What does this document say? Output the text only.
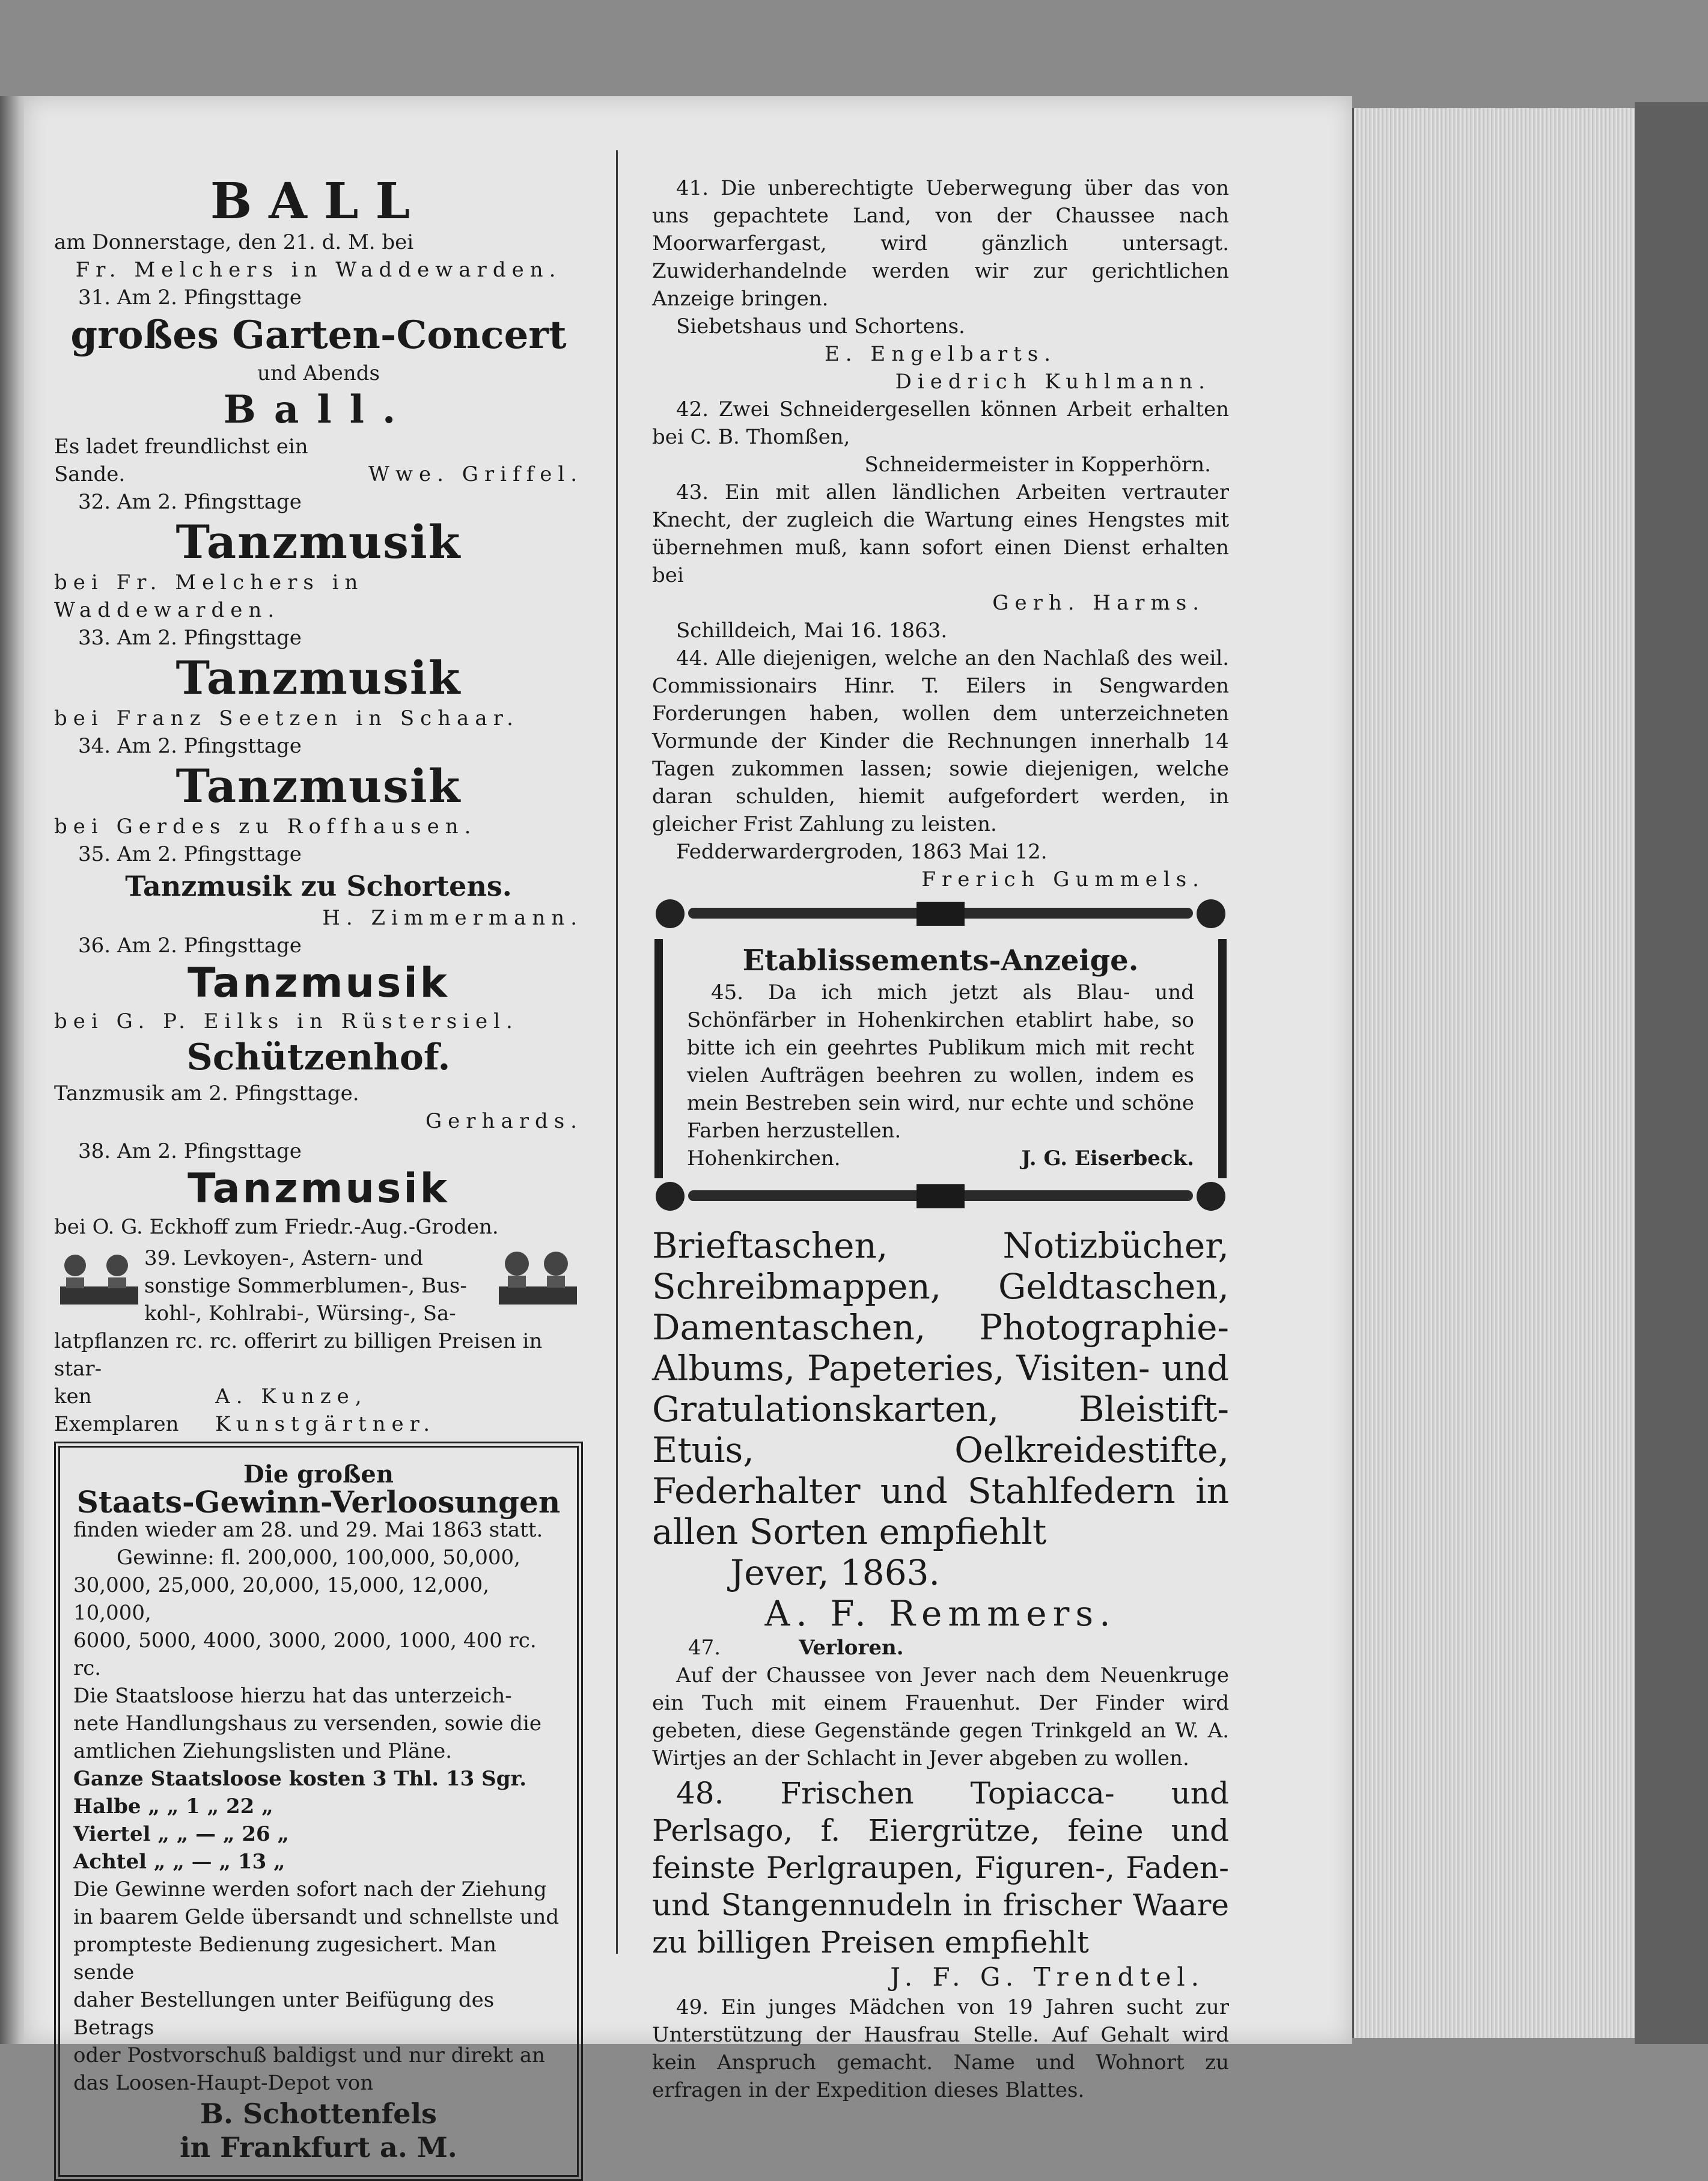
BALL
am Donnerstage, den 21. d. M. bei
Fr. Melchers in Waddewarden.
31. Am 2. Pfingsttage
großes Garten-Concert
und Abends
Ball.
Es ladet freundlichst ein
Sande.	Wwe. Griffel.
32. Am 2. Pfingsttage
Tanzmusik
bei Fr. Melchers in Waddewarden.
33. Am 2. Pfingsttage
Tanzmusik
bei Franz Seetzen in Schaar.
34. Am 2. Pfingsttage
Tanzmusik
bei Gerdes zu Roffhausen.
35. Am 2. Pfingsttage
Tanzmusik zu Schortens.
H. Zimmermann.
36. Am 2. Pfingsttage
Tanzmusik
bei G. P. Eilks in Rüstersiel.
Schützenhof.
Tanzmusik am 2. Pfingsttage.
Gerhards.
38. Am 2. Pfingsttage
Tanzmusik
bei O. G. Eckhoff zum Friedr.-Aug.-Groden.
39. Levkoyen-, Astern- und
sonstige Sommerblumen-, Bus-
kohl-, Kohlrabi-, Würsing-, Sa-
latpflanzen rc. rc. offerirt zu billigen Preisen in star-
ken Exemplaren
A. Kunze, Kunstgärtner.
Die großen
Staats-Gewinn-Verloosungen
finden wieder am 28. und 29. Mai 1863 statt.
Gewinne: fl. 200,000, 100,000, 50,000,
30,000, 25,000, 20,000, 15,000, 12,000, 10,000,
6000, 5000, 4000, 3000, 2000, 1000, 400 rc. rc.
Die Staatsloose hierzu hat das unterzeich-
nete Handlungshaus zu versenden, sowie die
amtlichen Ziehungslisten und Pläne.
Ganze Staatsloose kosten 3 Thl. 13 Sgr.
Halbe „ „ 1 „ 22 „
Viertel „ „ — „ 26 „
Achtel „ „ — „ 13 „
Die Gewinne werden sofort nach der Ziehung
in baarem Gelde übersandt und schnellste und
prompteste Bedienung zugesichert. Man sende
daher Bestellungen unter Beifügung des Betrags
oder Postvorschuß baldigst und nur direkt an
das Loosen-Haupt-Depot von
B. Schottenfels
in Frankfurt a. M.
41. Die unberechtigte Ueberwegung über das von uns gepachtete Land, von der Chaussee nach Moorwarfergast, wird gänzlich untersagt. Zuwiderhandelnde werden wir zur gerichtlichen Anzeige bringen.
Siebetshaus und Schortens.
E. Engelbarts.
Diedrich Kuhlmann.
42. Zwei Schneidergesellen können Arbeit erhalten bei C. B. Thomßen,
Schneidermeister in Kopperhörn.
43. Ein mit allen ländlichen Arbeiten vertrauter Knecht, der zugleich die Wartung eines Hengstes mit übernehmen muß, kann sofort einen Dienst erhalten bei
Gerh. Harms.
Schilldeich, Mai 16. 1863.
44. Alle diejenigen, welche an den Nachlaß des weil. Commissionairs Hinr. T. Eilers in Sengwarden Forderungen haben, wollen dem unterzeichneten Vormunde der Kinder die Rechnungen innerhalb 14 Tagen zukommen lassen; sowie diejenigen, welche daran schulden, hiemit aufgefordert werden, in gleicher Frist Zahlung zu leisten.
Fedderwardergroden, 1863 Mai 12.
Frerich Gummels.
Etablissements-Anzeige.
45. Da ich mich jetzt als Blau- und Schönfärber in Hohenkirchen etablirt habe, so bitte ich ein geehrtes Publikum mich mit recht vielen Aufträgen beehren zu wollen, indem es mein Bestreben sein wird, nur echte und schöne Farben herzustellen.
Hohenkirchen.	J. G. Eiserbeck.
Brieftaschen, Notizbücher, Schreibmappen, Geldtaschen, Damentaschen, Photographie-Albums, Papeteries, Visiten- und Gratulationskarten, Bleistift-Etuis, Oelkreidestifte, Federhalter und Stahlfedern in allen Sorten empfiehlt
Jever, 1863.
A. F. Remmers.
47.	Verloren.
Auf der Chaussee von Jever nach dem Neuenkruge ein Tuch mit einem Frauenhut. Der Finder wird gebeten, diese Gegenstände gegen Trinkgeld an W. A. Wirtjes an der Schlacht in Jever abgeben zu wollen.
48. Frischen Topiacca- und Perlsago, f. Eiergrütze, feine und feinste Perlgraupen, Figuren-, Faden- und Stangennudeln in frischer Waare zu billigen Preisen empfiehlt
J. F. G. Trendtel.
49. Ein junges Mädchen von 19 Jahren sucht zur Unterstützung der Hausfrau Stelle. Auf Gehalt wird kein Anspruch gemacht. Name und Wohnort zu erfragen in der Expedition dieses Blattes.
